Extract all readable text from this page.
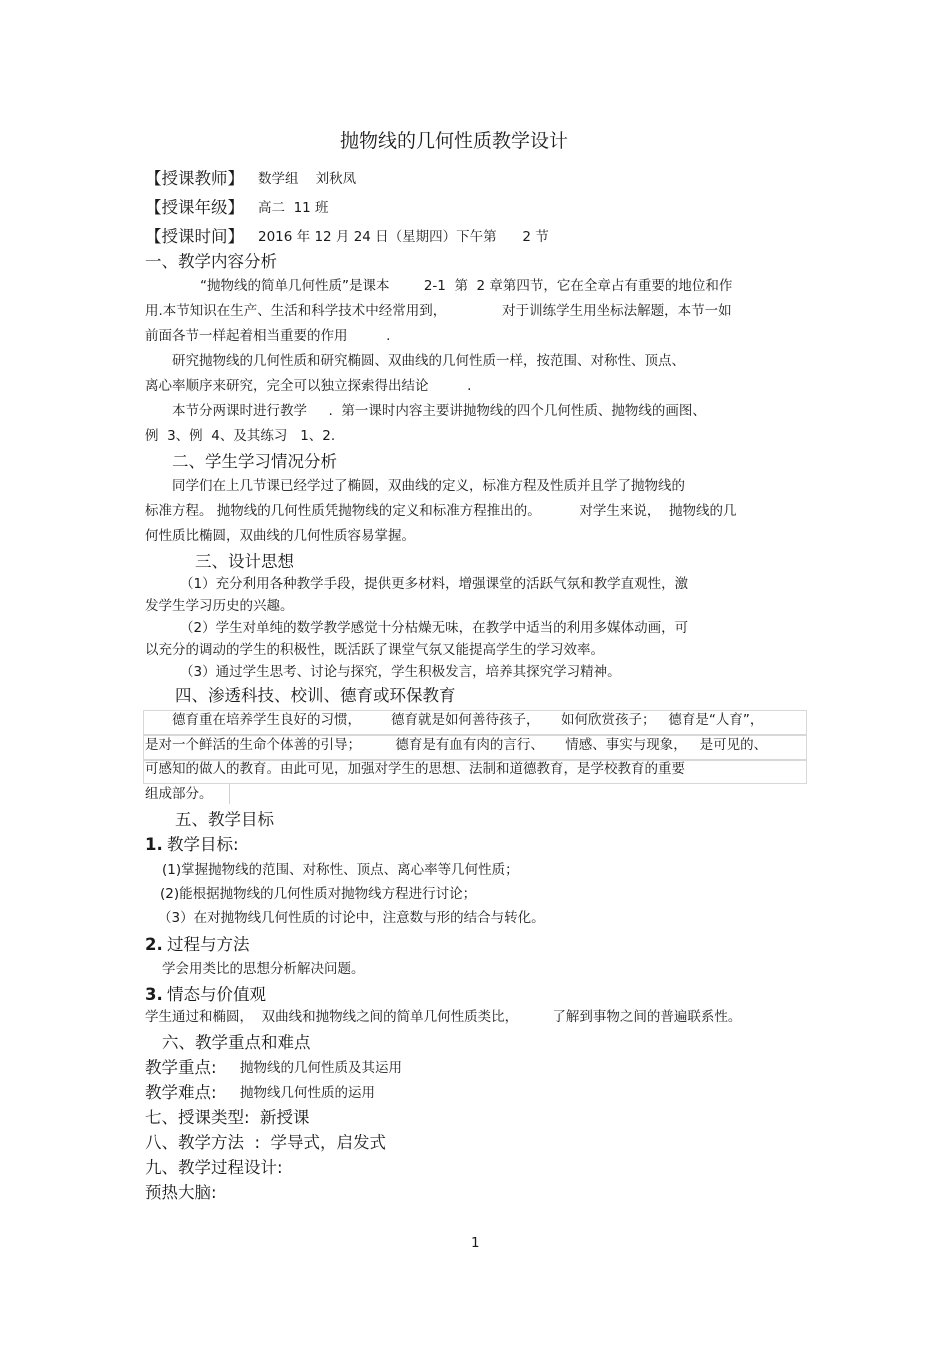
抛物线的几何性质教学设计
【授课教师】 数学组    刘秋凤
【授课年级】 高二  11 班
【授课时间】 2016 年 12 月 24 日（星期四）下午第      2 节
一、教学内容分析
“抛物线的简单几何性质”是课本        2-1  第  2 章第四节，它在全章占有重要的地位和作
用.本节知识在生产、生活和科学技术中经常用到，             对于训练学生用坐标法解题，本节一如
前面各节一样起着相当重要的作用         .
研究抛物线的几何性质和研究椭圆、双曲线的几何性质一样，按范围、对称性、顶点、
离心率顺序来研究，完全可以独立探索得出结论         .
本节分两课时进行教学     .  第一课时内容主要讲抛物线的四个几何性质、抛物线的画图、
例  3、例  4、及其练习   1、2.
二、学生学习情况分析
同学们在上几节课已经学过了椭圆，双曲线的定义，标准方程及性质并且学了抛物线的
标准方程。 抛物线的几何性质凭抛物线的定义和标准方程推出的。         对学生来说，  抛物线的几
何性质比椭圆，双曲线的几何性质容易掌握。
三、设计思想
（1）充分利用各种教学手段，提供更多材料，增强课堂的活跃气氛和教学直观性，激
发学生学习历史的兴趣。
（2）学生对单纯的数学教学感觉十分枯燥无味，在教学中适当的利用多媒体动画，可
以充分的调动的学生的积极性，既活跃了课堂气氛又能提高学生的学习效率。
（3）通过学生思考、讨论与探究，学生积极发言，培养其探究学习精神。
四、渗透科技、校训、德育或环保教育
德育重在培养学生良好的习惯，       德育就是如何善待孩子，     如何欣赏孩子；   德育是“人育”，
是对一个鲜活的生命个体善的引导；        德育是有血有肉的言行、     情感、事实与现象，   是可见的、
可感知的做人的教育。由此可见，加强对学生的思想、法制和道德教育，是学校教育的重要
组成部分。
五、教学目标
1. 教学目标:
(1)掌握抛物线的范围、对称性、顶点、离心率等几何性质；
(2)能根据抛物线的几何性质对抛物线方程进行讨论；
（3）在对抛物线几何性质的讨论中，注意数与形的结合与转化。
2. 过程与方法
学会用类比的思想分析解决问题。
3. 情态与价值观
学生通过和椭圆，  双曲线和抛物线之间的简单几何性质类比，        了解到事物之间的普遍联系性。
六、教学重点和难点
教学重点: 抛物线的几何性质及其运用
教学难点: 抛物线几何性质的运用
七、授课类型:  新授课
八、教学方法  :  学导式，启发式
九、教学过程设计:
预热大脑:
1
